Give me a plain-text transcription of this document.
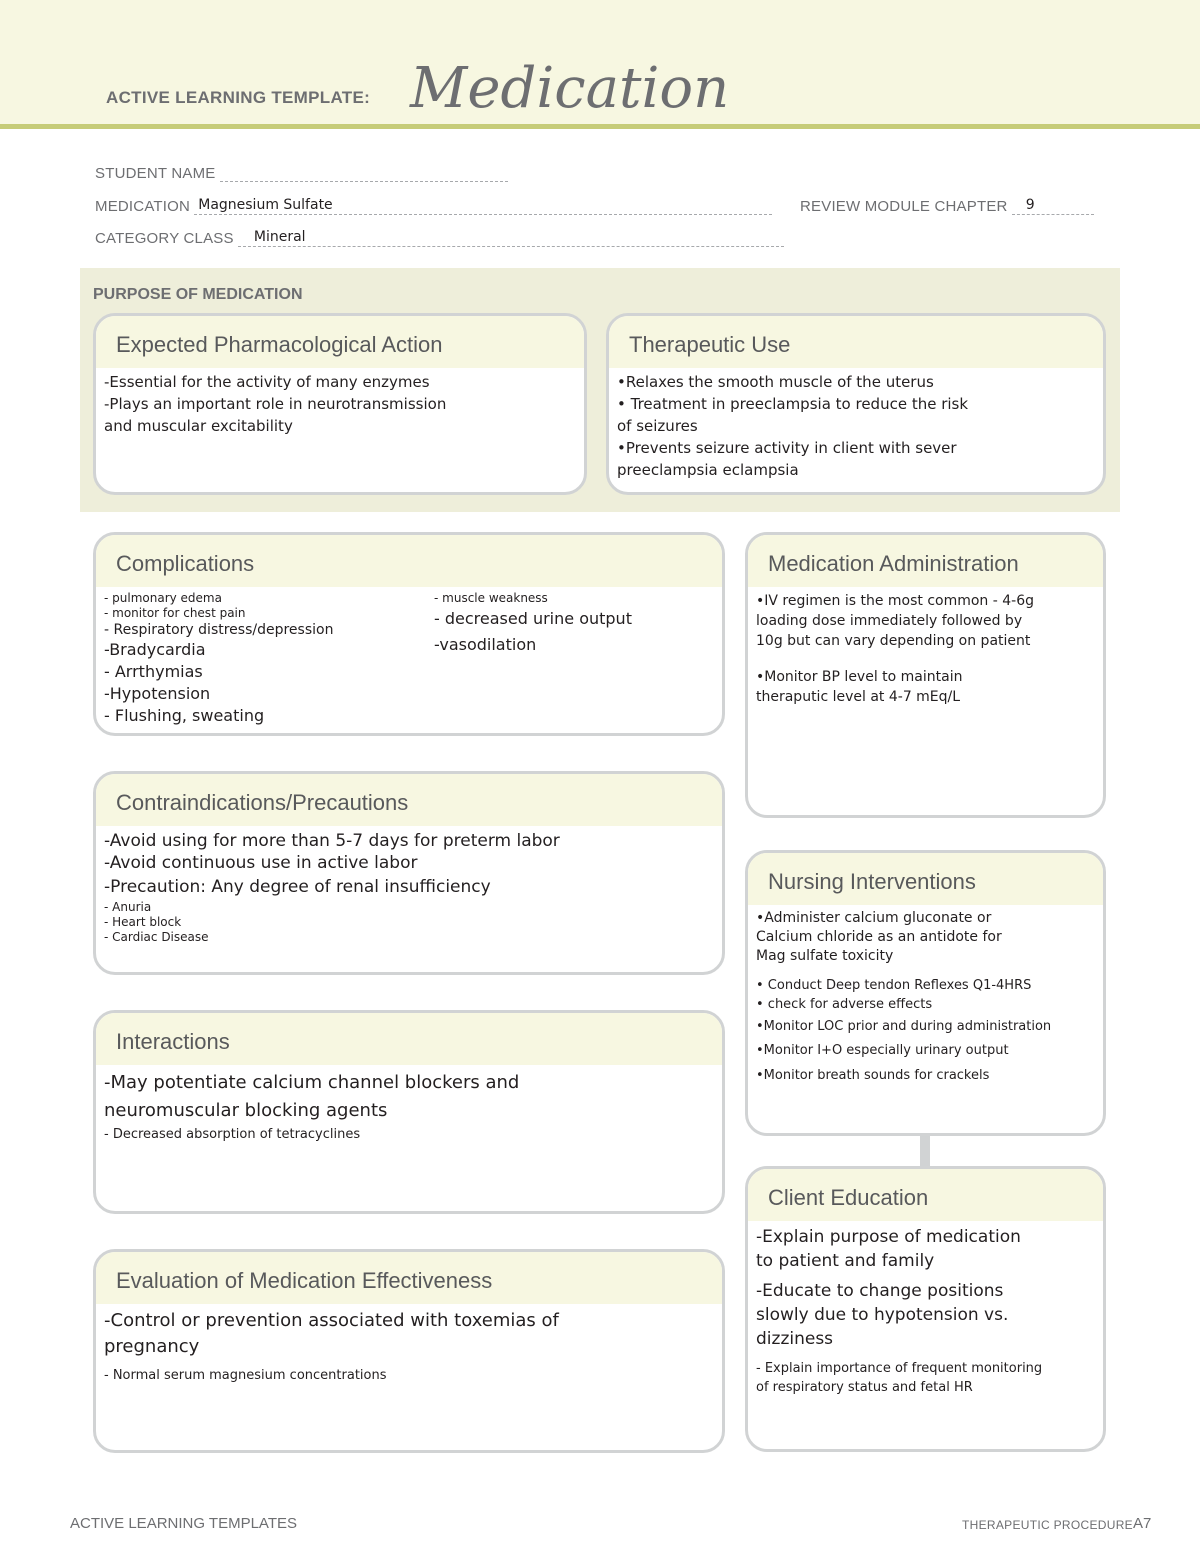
ACTIVE LEARNING TEMPLATE: Medication
STUDENT NAME
MEDICATION Magnesium Sulfate	REVIEW MODULE CHAPTER 9
CATEGORY CLASS Mineral
PURPOSE OF MEDICATION
Expected Pharmacological Action
-Essential for the activity of many enzymes
-Plays an important role in neurotransmission
and muscular excitability
Therapeutic Use
•Relaxes the smooth muscle of the uterus
• Treatment in preeclampsia to reduce the risk
of seizures
•Prevents seizure activity in client with sever
preeclampsia eclampsia
Complications
- pulmonary edema
- monitor for chest pain
- Respiratory distress/depression
-Bradycardia
- Arrthymias
-Hypotension
- Flushing, sweating
- muscle weakness
- decreased urine output
-vasodilation
Medication Administration
•IV regimen is the most common - 4-6g
loading dose immediately followed by
10g but can vary depending on patient
•Monitor BP level to maintain
theraputic level at 4-7 mEq/L
Contraindications/Precautions
-Avoid using for more than 5-7 days for preterm labor
-Avoid continuous use in active labor
-Precaution: Any degree of renal insufficiency
- Anuria
- Heart block
- Cardiac Disease
Nursing Interventions
•Administer calcium gluconate or
Calcium chloride as an antidote for
Mag sulfate toxicity
• Conduct Deep tendon Reflexes Q1-4HRS
• check for adverse effects
•Monitor LOC prior and during administration
•Monitor I+O especially urinary output
•Monitor breath sounds for crackels
Interactions
-May potentiate calcium channel blockers and
neuromuscular blocking agents
- Decreased absorption of tetracyclines
Client Education
-Explain purpose of medication
to patient and family
-Educate to change positions
slowly due to hypotension vs.
dizziness
- Explain importance of frequent monitoring
of respiratory status and fetal HR
Evaluation of Medication Effectiveness
-Control or prevention associated with toxemias of
pregnancy
- Normal serum magnesium concentrations
ACTIVE LEARNING TEMPLATES	THERAPEUTIC PROCEDURE A7
